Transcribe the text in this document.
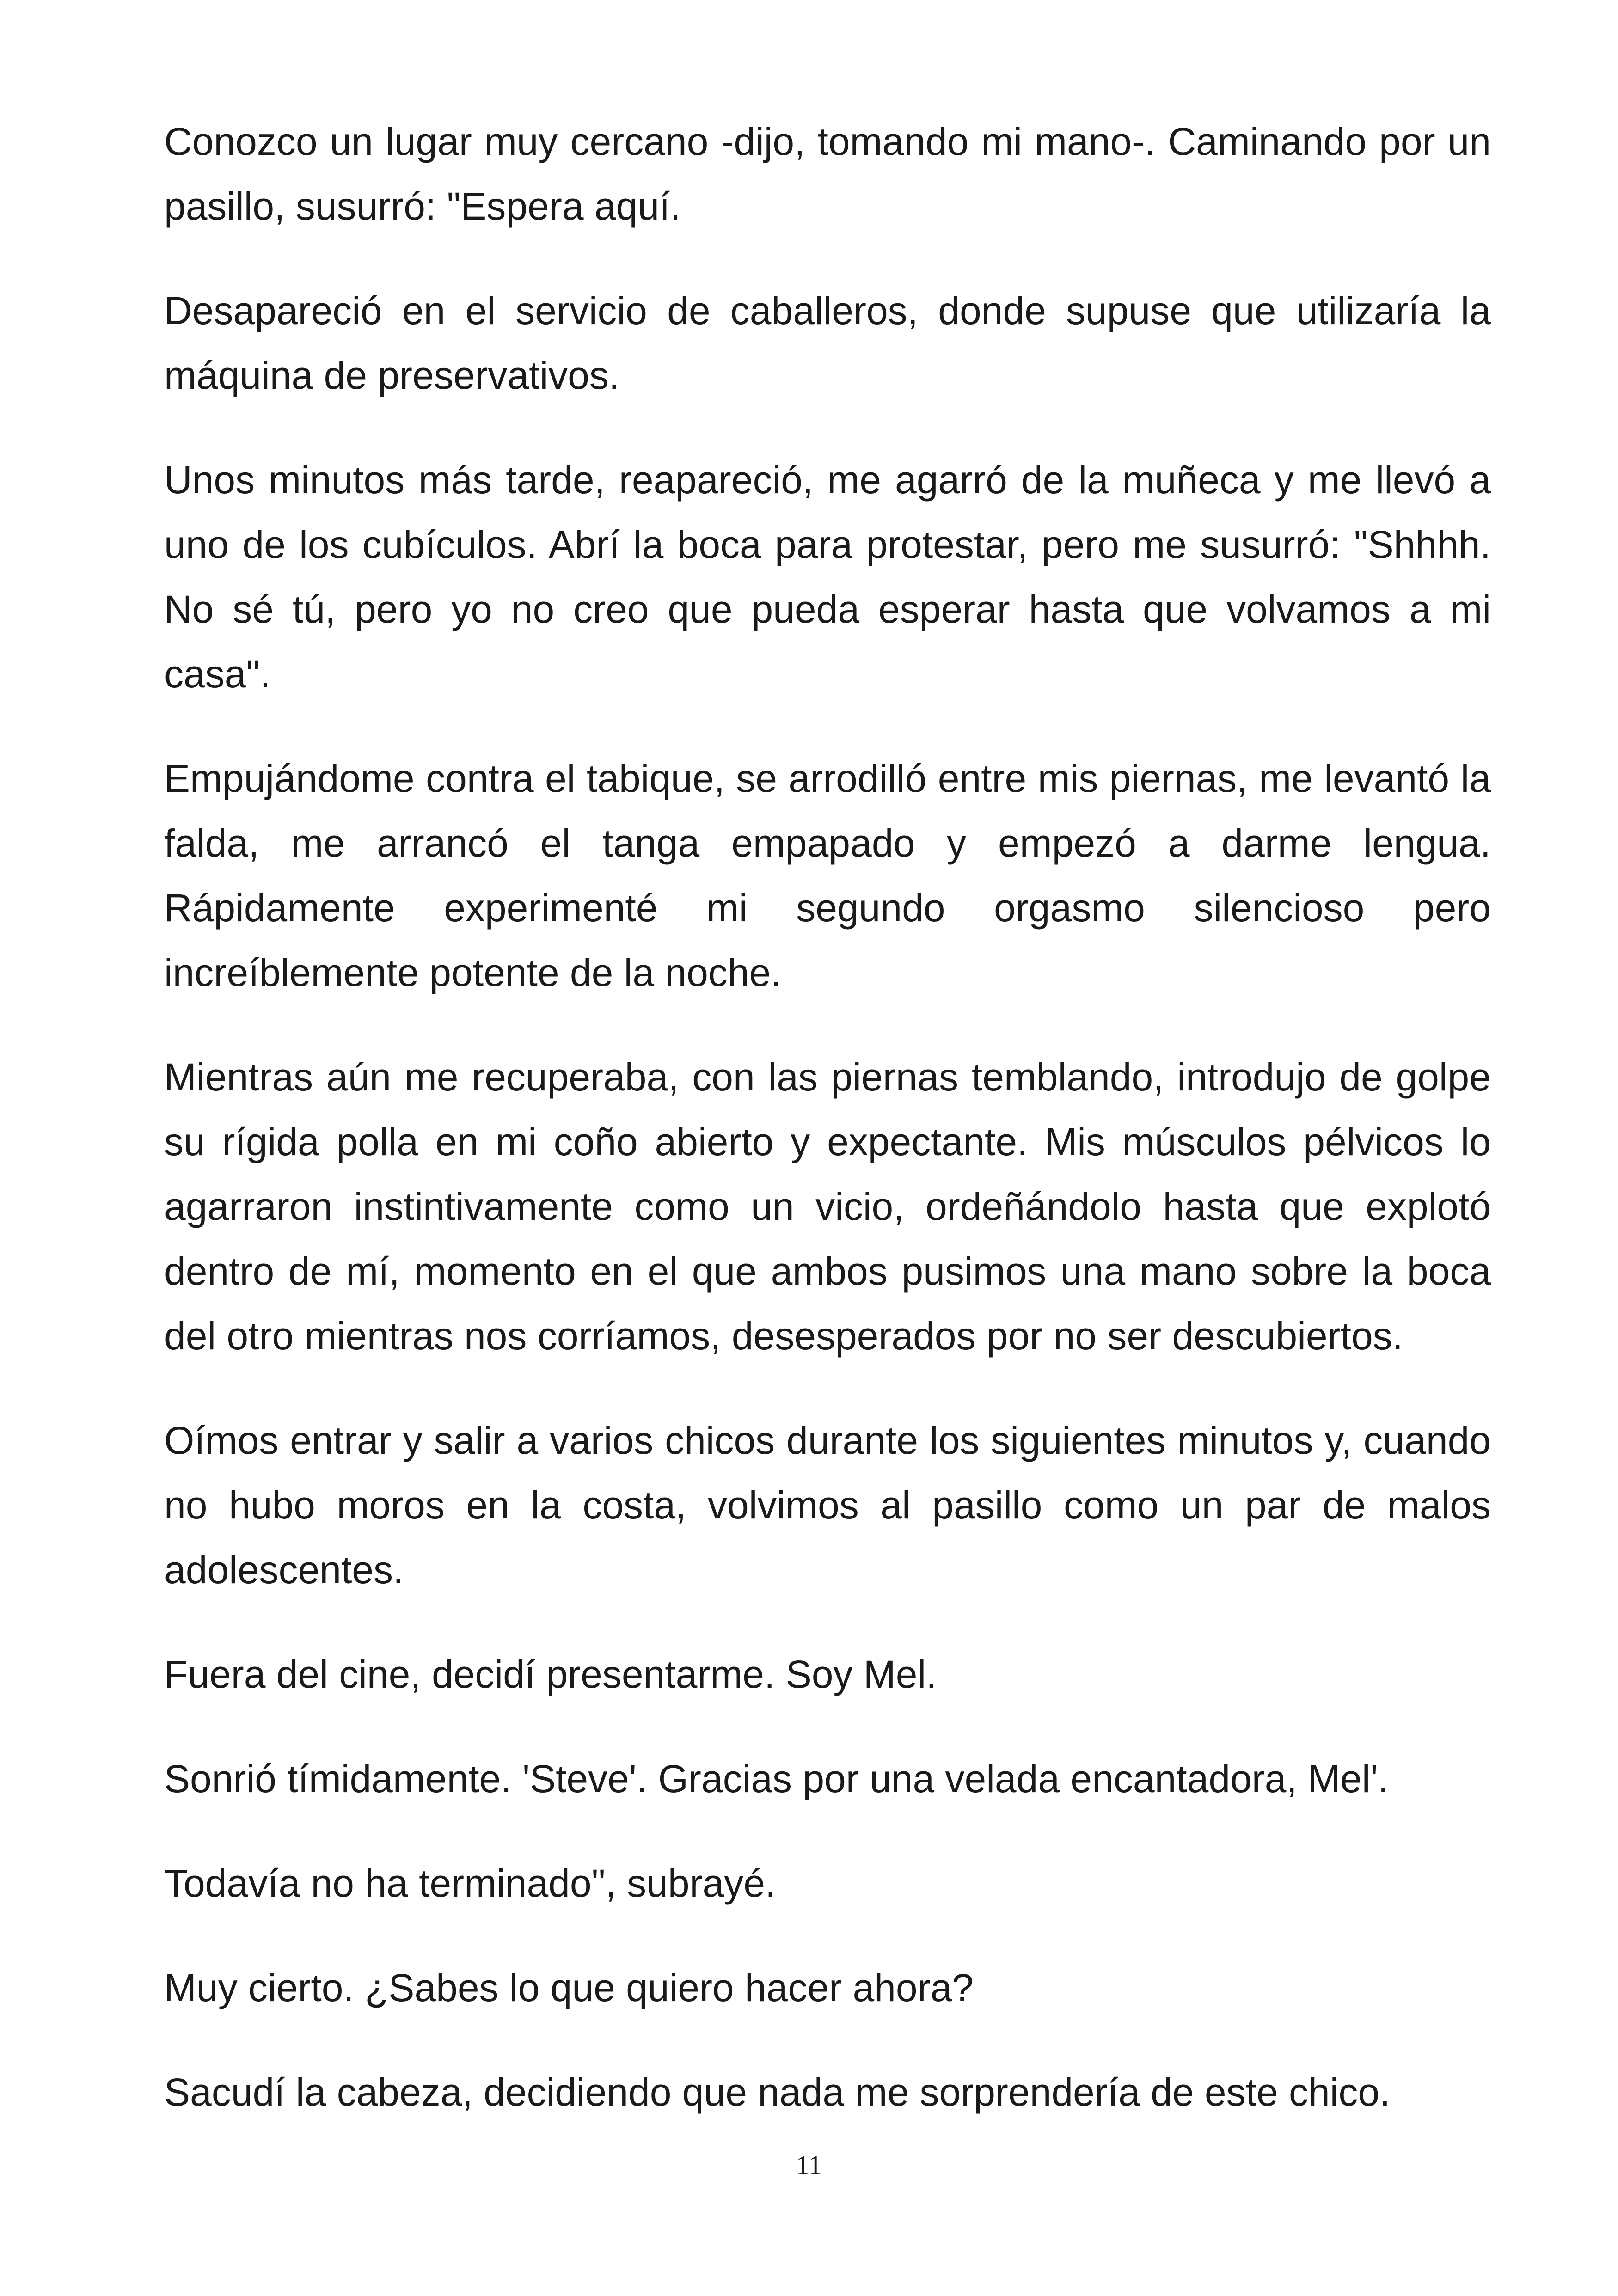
Conozco un lugar muy cercano -dijo, tomando mi mano-. Caminando por un pasillo, susurró: "Espera aquí.

Desapareció en el servicio de caballeros, donde supuse que utilizaría la máquina de preservativos.

Unos minutos más tarde, reapareció, me agarró de la muñeca y me llevó a uno de los cubículos. Abrí la boca para protestar, pero me susurró: "Shhhh. No sé tú, pero yo no creo que pueda esperar hasta que volvamos a mi casa".

Empujándome contra el tabique, se arrodilló entre mis piernas, me levantó la falda, me arrancó el tanga empapado y empezó a darme lengua. Rápidamente experimenté mi segundo orgasmo silencioso pero increíblemente potente de la noche.

Mientras aún me recuperaba, con las piernas temblando, introdujo de golpe su rígida polla en mi coño abierto y expectante. Mis músculos pélvicos lo agarraron instintivamente como un vicio, ordeñándolo hasta que explotó dentro de mí, momento en el que ambos pusimos una mano sobre la boca del otro mientras nos corríamos, desesperados por no ser descubiertos.

Oímos entrar y salir a varios chicos durante los siguientes minutos y, cuando no hubo moros en la costa, volvimos al pasillo como un par de malos adolescentes.

Fuera del cine, decidí presentarme. Soy Mel.

Sonrió tímidamente. 'Steve'. Gracias por una velada encantadora, Mel'.

Todavía no ha terminado", subrayé.

Muy cierto. ¿Sabes lo que quiero hacer ahora?

Sacudí la cabeza, decidiendo que nada me sorprendería de este chico.

11
